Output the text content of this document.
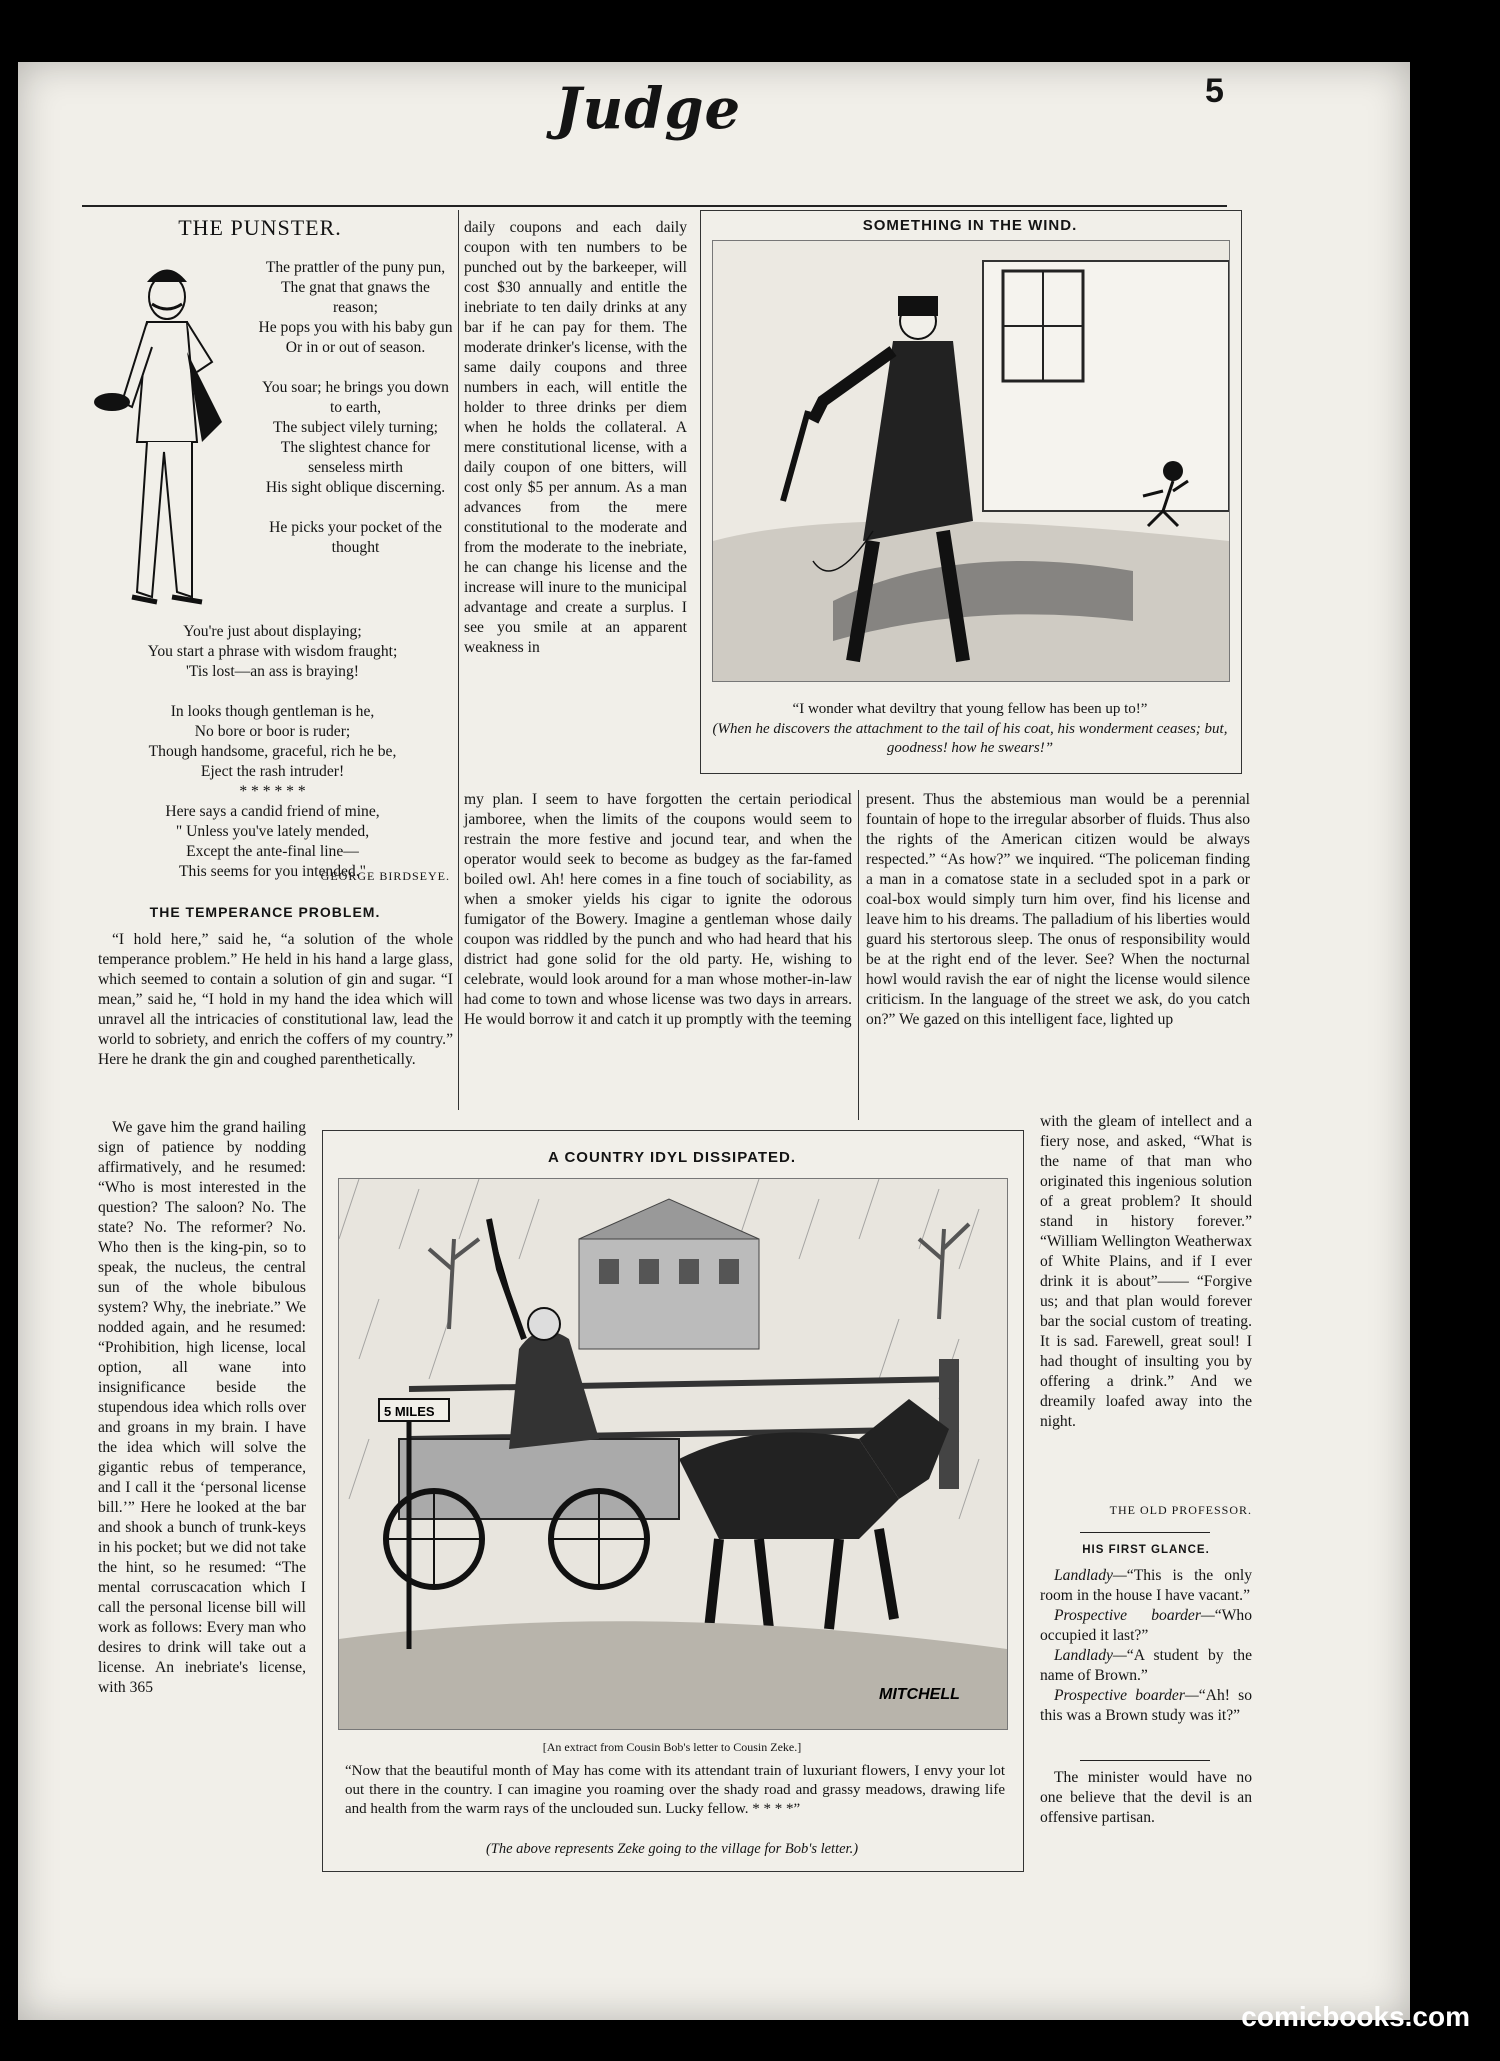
Judge	5
THE PUNSTER.

The prattler of the puny pun,

The gnat that gnaws the reason;

He pops you with his baby gun

Or in or out of season.

You soar; he brings you down to earth,

The subject vilely turning;

The slightest chance for senseless mirth

His sight oblique discerning.

He picks your pocket of the thought

You're just about displaying;

You start a phrase with wisdom fraught;

'Tis lost—an ass is braying!

In looks though gentleman is he,

No bore or boor is ruder;

Though handsome, graceful, rich he be,

Eject the rash intruder!

* * * * * *

Here says a candid friend of mine,

" Unless you've lately mended,

Except the ante-final line—

This seems for you intended."

GEORGE BIRDSEYE.
THE TEMPERANCE PROBLEM.

“I hold here,” said he, “a solution of the whole temperance problem.” He held in his hand a large glass, which seemed to contain a solution of gin and sugar. “I mean,” said he, “I hold in my hand the idea which will unravel all the intricacies of constitutional law, lead the world to sobriety, and enrich the coffers of my country.” Here he drank the gin and coughed parenthetically.

We gave him the grand hailing sign of patience by nodding affirmatively, and he resumed: “Who is most interested in the question? The saloon? No. The state? No. The reformer? No. Who then is the king-pin, so to speak, the nucleus, the central sun of the whole bibulous system? Why, the inebriate.” We nodded again, and he resumed: “Prohibition, high license, local option, all wane into insignificance beside the stupendous idea which rolls over and groans in my brain. I have the idea which will solve the gigantic rebus of temperance, and I call it the ‘personal license bill.’” Here he looked at the bar and shook a bunch of trunk-keys in his pocket; but we did not take the hint, so he resumed: “The mental corruscacation which I call the personal license bill will work as follows: Every man who desires to drink will take out a license. An inebriate's license, with 365

daily coupons and each daily coupon with ten numbers to be punched out by the barkeeper, will cost $30 annually and entitle the inebriate to ten daily drinks at any bar if he can pay for them. The moderate drinker's license, with the same daily coupons and three numbers in each, will entitle the holder to three drinks per diem when he holds the collateral. A mere constitutional license, with a daily coupon of one bitters, will cost only $5 per annum. As a man advances from the mere constitutional to the moderate and from the moderate to the inebriate, he can change his license and the increase will inure to the municipal advantage and create a surplus. I see you smile at an apparent weakness in

my plan. I seem to have forgotten the certain periodical jamboree, when the limits of the coupons would seem to restrain the more festive and jocund tear, and when the operator would seek to become as budgey as the far-famed boiled owl. Ah! here comes in a fine touch of sociability, as when a smoker yields his cigar to ignite the odorous fumigator of the Bowery. Imagine a gentleman whose daily coupon was riddled by the punch and who had heard that his district had gone solid for the old party. He, wishing to celebrate, would look around for a man whose mother-in-law had come to town and whose license was two days in arrears. He would borrow it and catch it up promptly with the teeming

present. Thus the abstemious man would be a perennial fountain of hope to the irregular absorber of fluids. Thus also the rights of the American citizen would be always respected.” “As how?” we inquired. “The policeman finding a man in a comatose state in a secluded spot in a park or coal-box would simply turn him over, find his license and leave him to his dreams. The palladium of his liberties would guard his stertorous sleep. The onus of responsibility would be at the right end of the lever. See? When the nocturnal howl would ravish the ear of night the license would silence criticism. In the language of the street we ask, do you catch on?” We gazed on this intelligent face, lighted up

with the gleam of intellect and a fiery nose, and asked, “What is the name of that man who originated this ingenious solution of a great problem? It should stand in history forever.” “William Wellington Weatherwax of White Plains, and if I ever drink it is about”—— “Forgive us; and that plan would forever bar the social custom of treating. It is sad. Farewell, great soul! I had thought of insulting you by offering a drink.” And we dreamily loafed away into the night.

THE OLD PROFESSOR.
SOMETHING IN THE WIND.
“I wonder what deviltry that young fellow has been up to!”
(When he discovers the attachment to the tail of his coat, his wonderment ceases; but, goodness! how he swears!”
A COUNTRY IDYL DISSIPATED.
5 MILES
MITCHELL
[An extract from Cousin Bob's letter to Cousin Zeke.]
“Now that the beautiful month of May has come with its attendant train of luxuriant flowers, I envy your lot out there in the country. I can imagine you roaming over the shady road and grassy meadows, drawing life and health from the warm rays of the unclouded sun. Lucky fellow. * * * *”
(The above represents Zeke going to the village for Bob's letter.)
HIS FIRST GLANCE.

Landlady—“This is the only room in the house I have vacant.”

Prospective boarder—“Who occupied it last?”

Landlady—“A student by the name of Brown.”

Prospective boarder—“Ah! so this was a Brown study was it?”

The minister would have no one believe that the devil is an offensive partisan.

comicbooks.com
